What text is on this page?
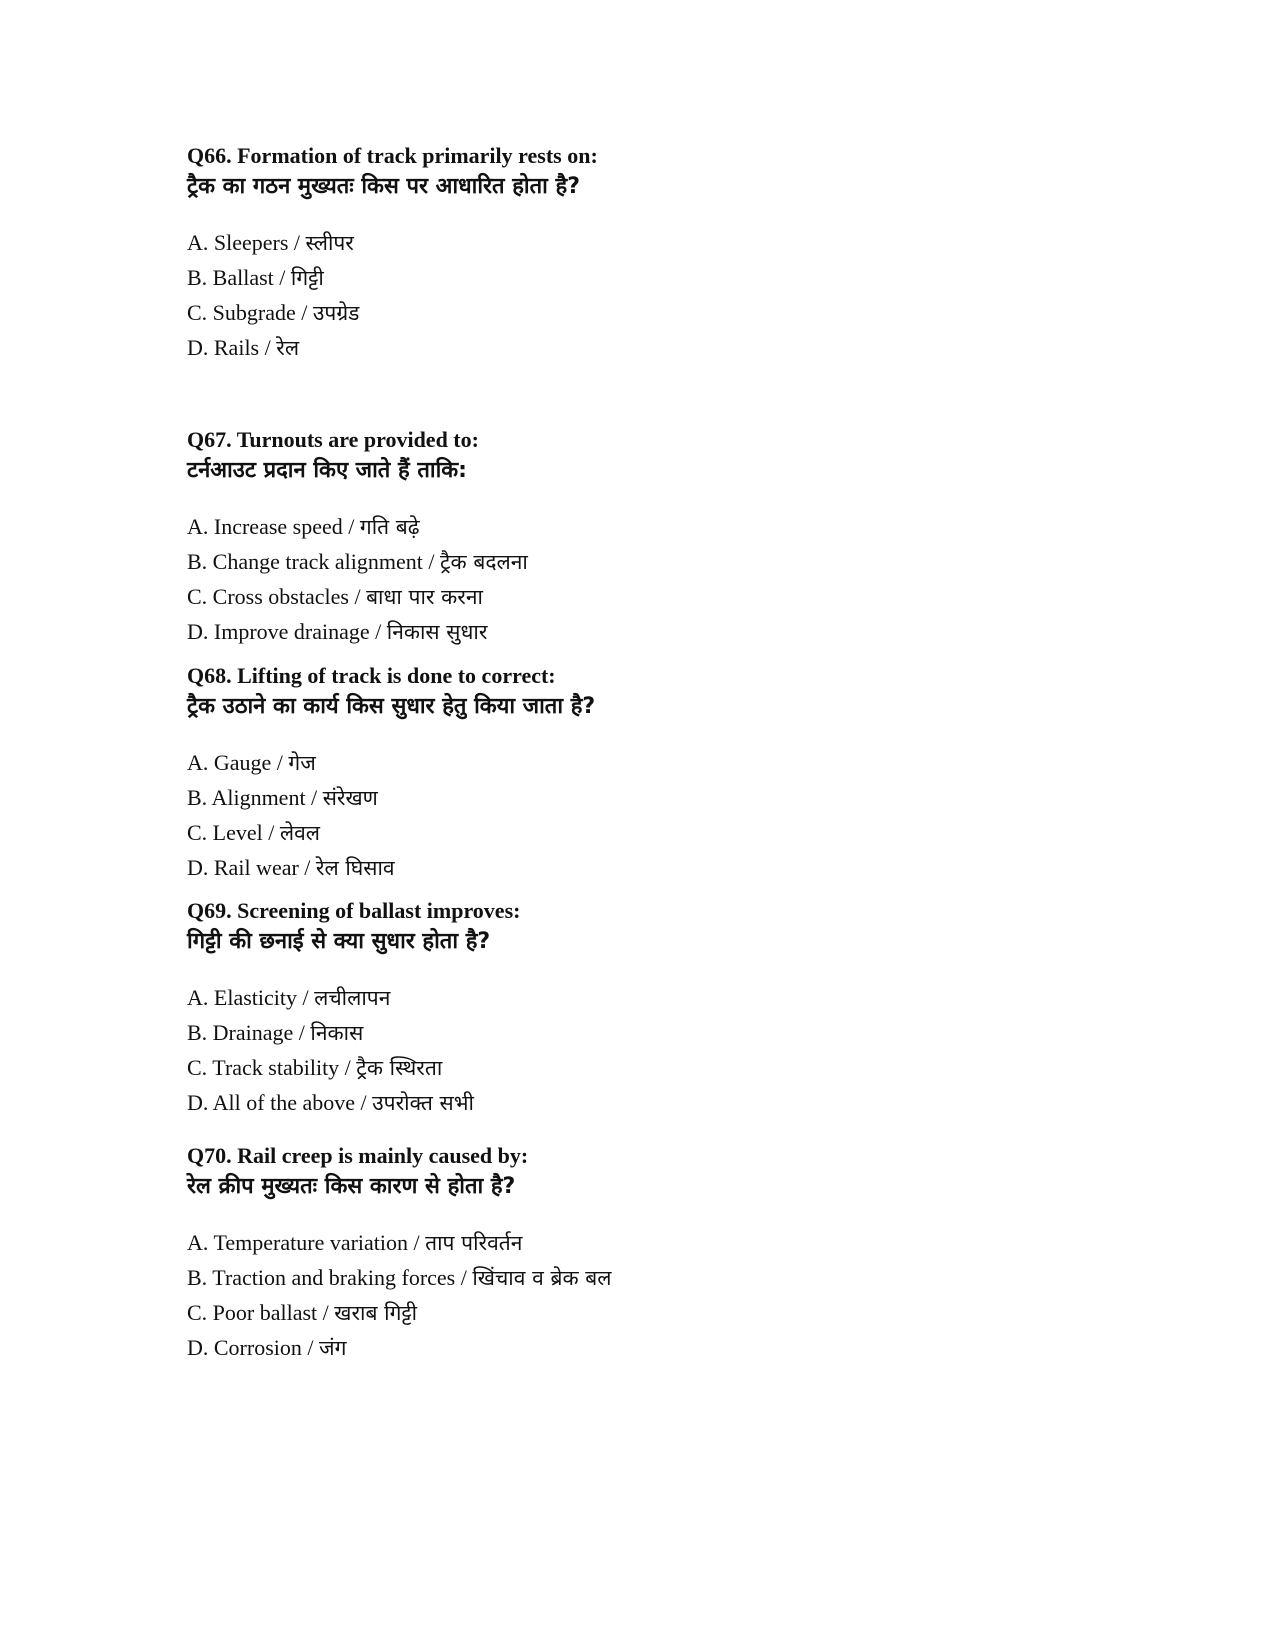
Q66. Formation of track primarily rests on:
ट्रैक का गठन मुख्यतः किस पर आधारित होता है?
A. Sleepers / स्लीपर
B. Ballast / गिट्टी
C. Subgrade / उपग्रेड
D. Rails / रेल
Q67. Turnouts are provided to:
टर्नआउट प्रदान किए जाते हैं ताकि:
A. Increase speed / गति बढ़े
B. Change track alignment / ट्रैक बदलना
C. Cross obstacles / बाधा पार करना
D. Improve drainage / निकास सुधार
Q68. Lifting of track is done to correct:
ट्रैक उठाने का कार्य किस सुधार हेतु किया जाता है?
A. Gauge / गेज
B. Alignment / संरेखण
C. Level / लेवल
D. Rail wear / रेल घिसाव
Q69. Screening of ballast improves:
गिट्टी की छनाई से क्या सुधार होता है?
A. Elasticity / लचीलापन
B. Drainage / निकास
C. Track stability / ट्रैक स्थिरता
D. All of the above / उपरोक्त सभी
Q70. Rail creep is mainly caused by:
रेल क्रीप मुख्यतः किस कारण से होता है?
A. Temperature variation / ताप परिवर्तन
B. Traction and braking forces / खिंचाव व ब्रेक बल
C. Poor ballast / खराब गिट्टी
D. Corrosion / जंग
